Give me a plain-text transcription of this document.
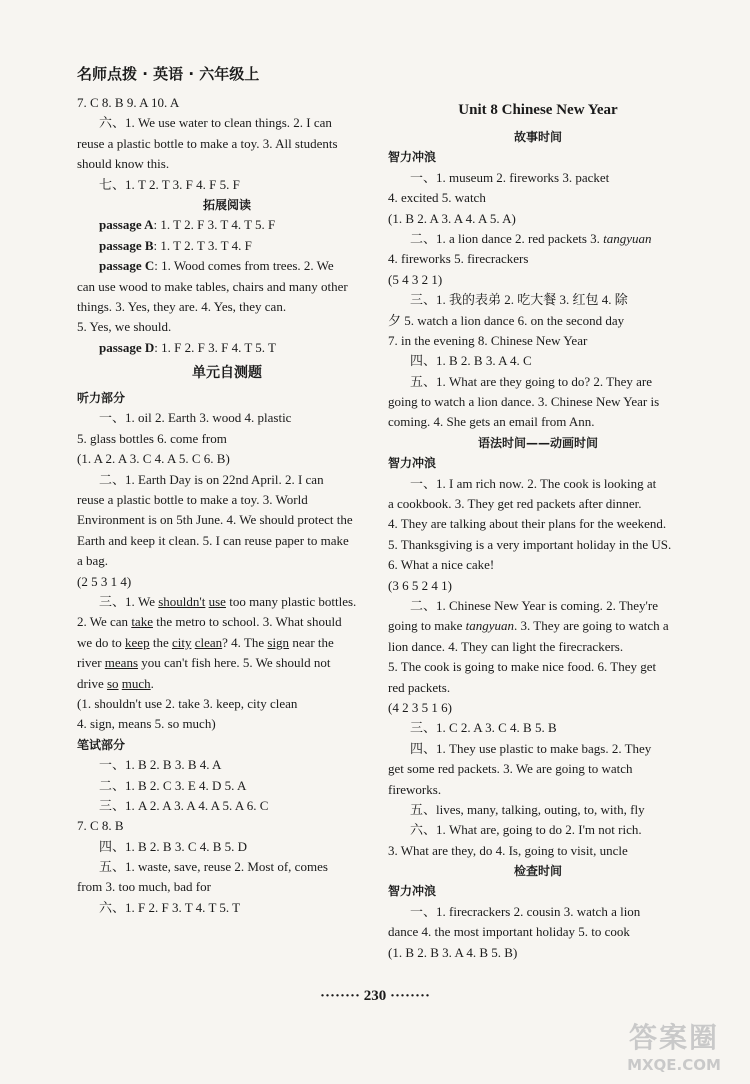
名师点拨 · 英语 · 六年级上
7. C 8. B 9. A 10. A
六、1. We use water to clean things. 2. I can
reuse a plastic bottle to make a toy. 3. All students
should know this.
七、1. T 2. T 3. F 4. F 5. F
拓展阅读
passage A: 1. T 2. F 3. T 4. T 5. F
passage B: 1. T 2. T 3. T 4. F
passage C: 1. Wood comes from trees. 2. We
can use wood to make tables, chairs and many other
things. 3. Yes, they are. 4. Yes, they can.
5. Yes, we should.
passage D: 1. F 2. F 3. F 4. T 5. T
单元自测题
听力部分
一、1. oil 2. Earth 3. wood 4. plastic
5. glass bottles 6. come from
(1. A 2. A 3. C 4. A 5. C 6. B)
二、1. Earth Day is on 22nd April. 2. I can
reuse a plastic bottle to make a toy. 3. World
Environment is on 5th June. 4. We should protect the
Earth and keep it clean. 5. I can reuse paper to make
a bag.
(2 5 3 1 4)
三、1. We shouldn't use too many plastic bottles.
2. We can take the metro to school. 3. What should
we do to keep the city clean? 4. The sign near the
river means you can't fish here. 5. We should not
drive so much.
(1. shouldn't use 2. take 3. keep, city clean
4. sign, means 5. so much)
笔试部分
一、1. B 2. B 3. B 4. A
二、1. B 2. C 3. E 4. D 5. A
三、1. A 2. A 3. A 4. A 5. A 6. C
7. C 8. B
四、1. B 2. B 3. C 4. B 5. D
五、1. waste, save, reuse 2. Most of, comes
from 3. too much, bad for
六、1. F 2. F 3. T 4. T 5. T
Unit 8 Chinese New Year
故事时间
智力冲浪
一、1. museum 2. fireworks 3. packet
4. excited 5. watch
(1. B 2. A 3. A 4. A 5. A)
二、1. a lion dance 2. red packets 3. tangyuan
4. fireworks 5. firecrackers
(5 4 3 2 1)
三、1. 我的表弟 2. 吃大餐 3. 红包 4. 除
夕 5. watch a lion dance 6. on the second day
7. in the evening 8. Chinese New Year
四、1. B 2. B 3. A 4. C
五、1. What are they going to do? 2. They are
going to watch a lion dance. 3. Chinese New Year is
coming. 4. She gets an email from Ann.
语法时间——动画时间
智力冲浪
一、1. I am rich now. 2. The cook is looking at
a cookbook. 3. They get red packets after dinner.
4. They are talking about their plans for the weekend.
5. Thanksgiving is a very important holiday in the US.
6. What a nice cake!
(3 6 5 2 4 1)
二、1. Chinese New Year is coming. 2. They're
going to make tangyuan. 3. They are going to watch a
lion dance. 4. They can light the firecrackers.
5. The cook is going to make nice food. 6. They get
red packets.
(4 2 3 5 1 6)
三、1. C 2. A 3. C 4. B 5. B
四、1. They use plastic to make bags. 2. They
get some red packets. 3. We are going to watch
fireworks.
五、lives, many, talking, outing, to, with, fly
六、1. What are, going to do 2. I'm not rich.
3. What are they, do 4. Is, going to visit, uncle
检查时间
智力冲浪
一、1. firecrackers 2. cousin 3. watch a lion
dance 4. the most important holiday 5. to cook
(1. B 2. B 3. A 4. B 5. B)
········ 230 ········
答案圈
MXQE.COM
